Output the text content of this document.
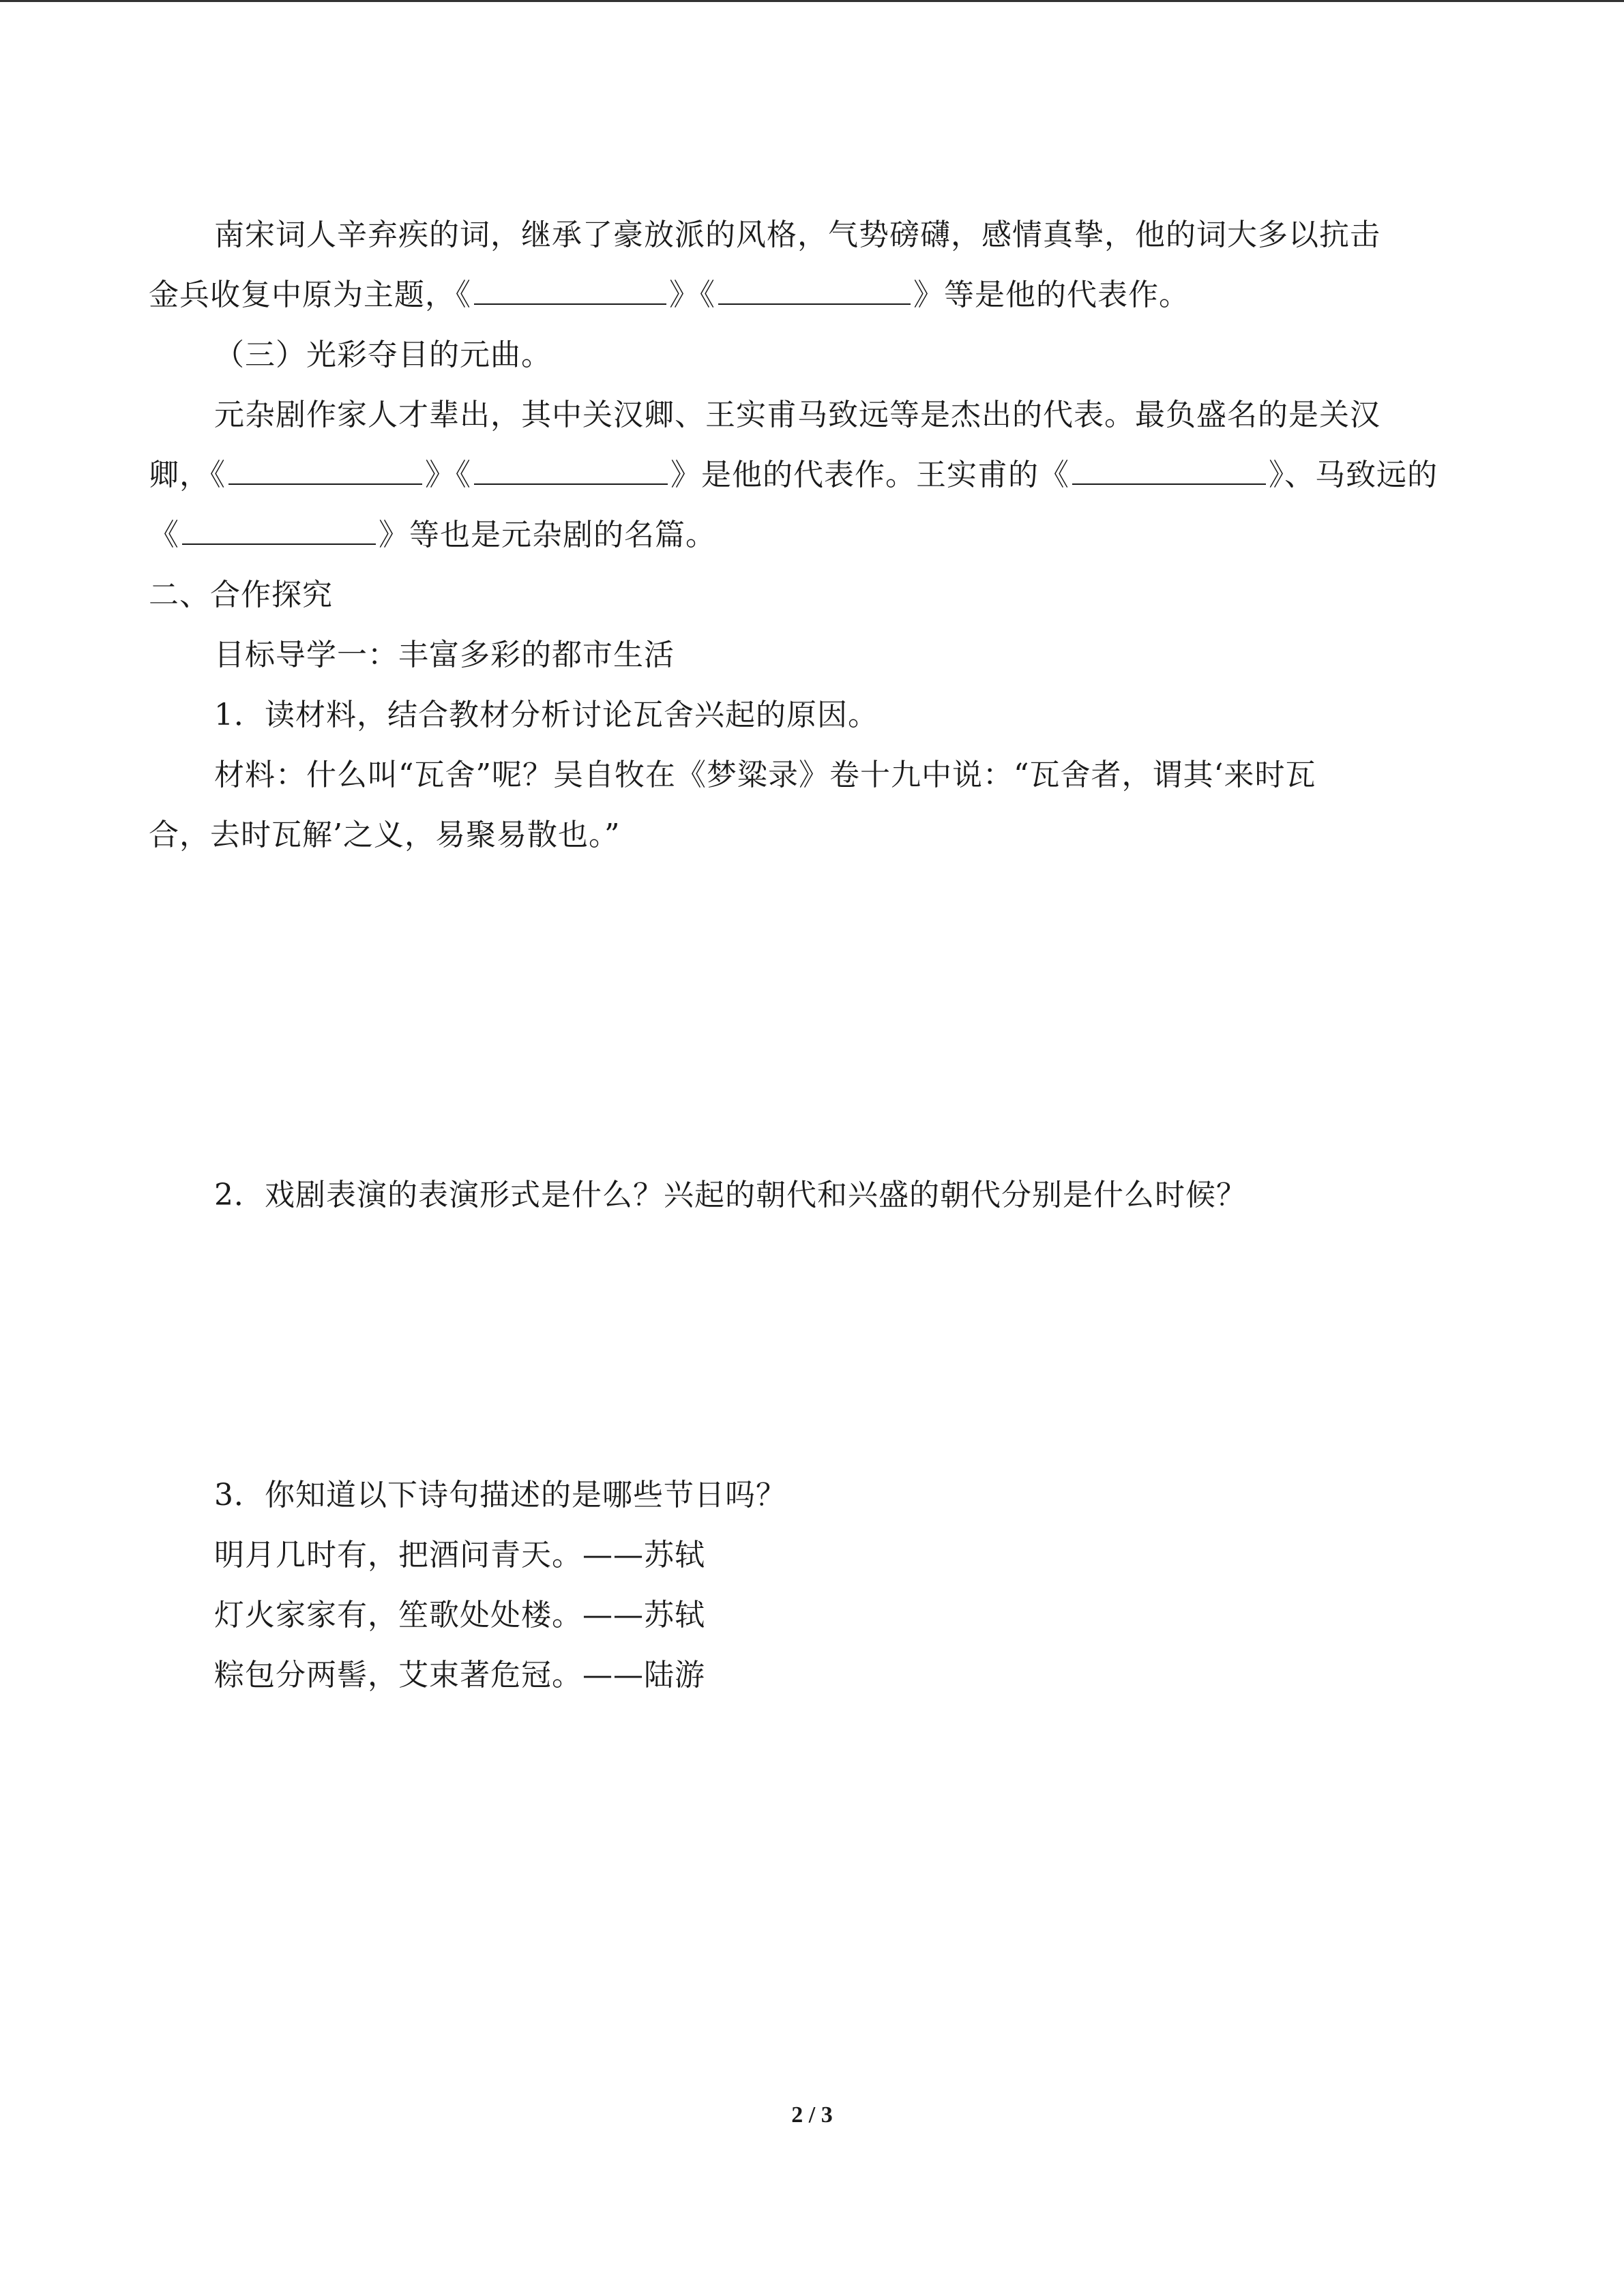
南宋词人辛弃疾的词，继承了豪放派的风格，气势磅礴，感情真挚，他的词大多以抗击
金兵收复中原为主题，《	》《	》等是他的代表作。
（三）光彩夺目的元曲。
元杂剧作家人才辈出，其中关汉卿、王实甫马致远等是杰出的代表。最负盛名的是关汉
卿，《	》《	》是他的代表作。王实甫的《	》、马致远的
《	》等也是元杂剧的名篇。
二、合作探究
目标导学一：丰富多彩的都市生活
1．读材料，结合教材分析讨论瓦舍兴起的原因。
材料：什么叫“瓦舍”呢？吴自牧在《梦粱录》卷十九中说：“瓦舍者，谓其‘来时瓦
合，去时瓦解’之义，易聚易散也。”
2．戏剧表演的表演形式是什么？兴起的朝代和兴盛的朝代分别是什么时候？
3．你知道以下诗句描述的是哪些节日吗？
明月几时有，把酒问青天。——苏轼
灯火家家有，笙歌处处楼。——苏轼
粽包分两髻，艾束著危冠。——陆游
2 / 3
